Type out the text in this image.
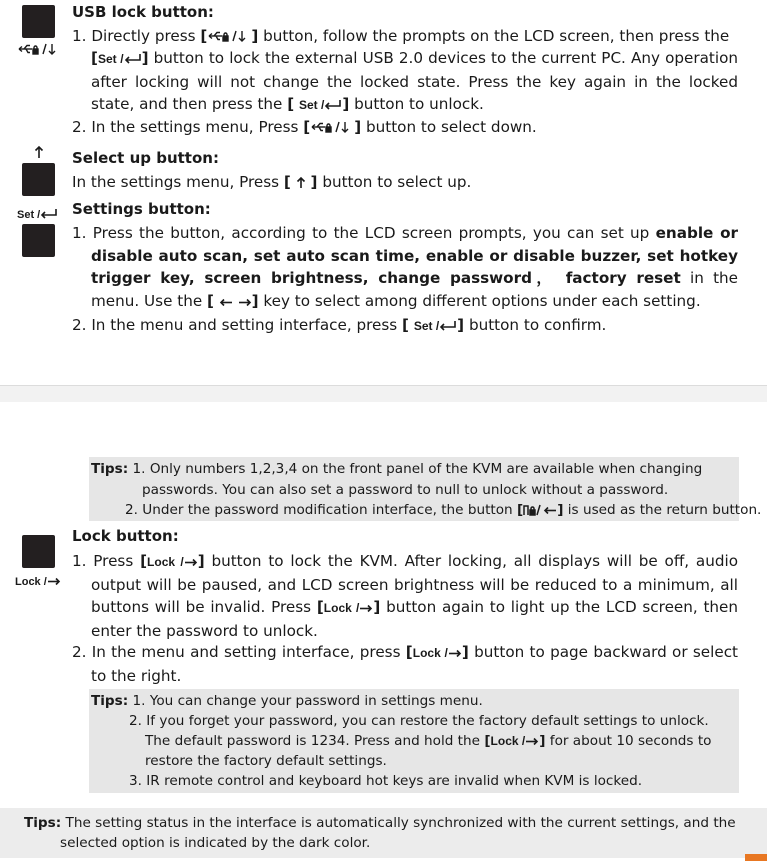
USB lock button:
1. Directly press [	] button, follow the prompts on the LCD screen, then press the
[Set / ] button to lock the external USB 2.0 devices to the current PC. Any operation after locking will not change the locked state. Press the key again in the locked state, and then press the [ Set / ] button to unlock.
2. In the settings menu, Press [	] button to select down.
Select up button:
In the settings menu, Press [ ] button to select up.
Set /	Settings button:
1. Press the button, according to the LCD screen prompts, you can set up enable or disable auto scan, set auto scan time, enable or disable buzzer, set hotkey trigger key, screen brightness, change password， factory reset in the menu. Use the [ ] key to select among different options under each setting.
2. In the menu and setting interface, press [ Set / ] button to confirm.
Tips: 1. Only numbers 1,2,3,4 on the front panel of the KVM are available when changing
passwords. You can also set a password to null to unlock without a password.
2. Under the password modification interface, the button [	] is used as the return button.
Lock /
Lock button:
1. Press [Lock / ] button to lock the KVM. After locking, all displays will be off, audio output will be paused, and LCD screen brightness will be reduced to a minimum, all buttons will be invalid. Press [Lock / ] button again to light up the LCD screen, then enter the password to unlock.
2. In the menu and setting interface, press [Lock / ] button to page backward or select to the right.
Tips: 1. You can change your password in settings menu.
2. If you forget your password, you can restore the factory default settings to unlock.
The default password is 1234. Press and hold the [Lock / ] for about 10 seconds to
restore the factory default settings.
3. IR remote control and keyboard hot keys are invalid when KVM is locked.
Tips: The setting status in the interface is automatically synchronized with the current settings, and the
selected option is indicated by the dark color.
